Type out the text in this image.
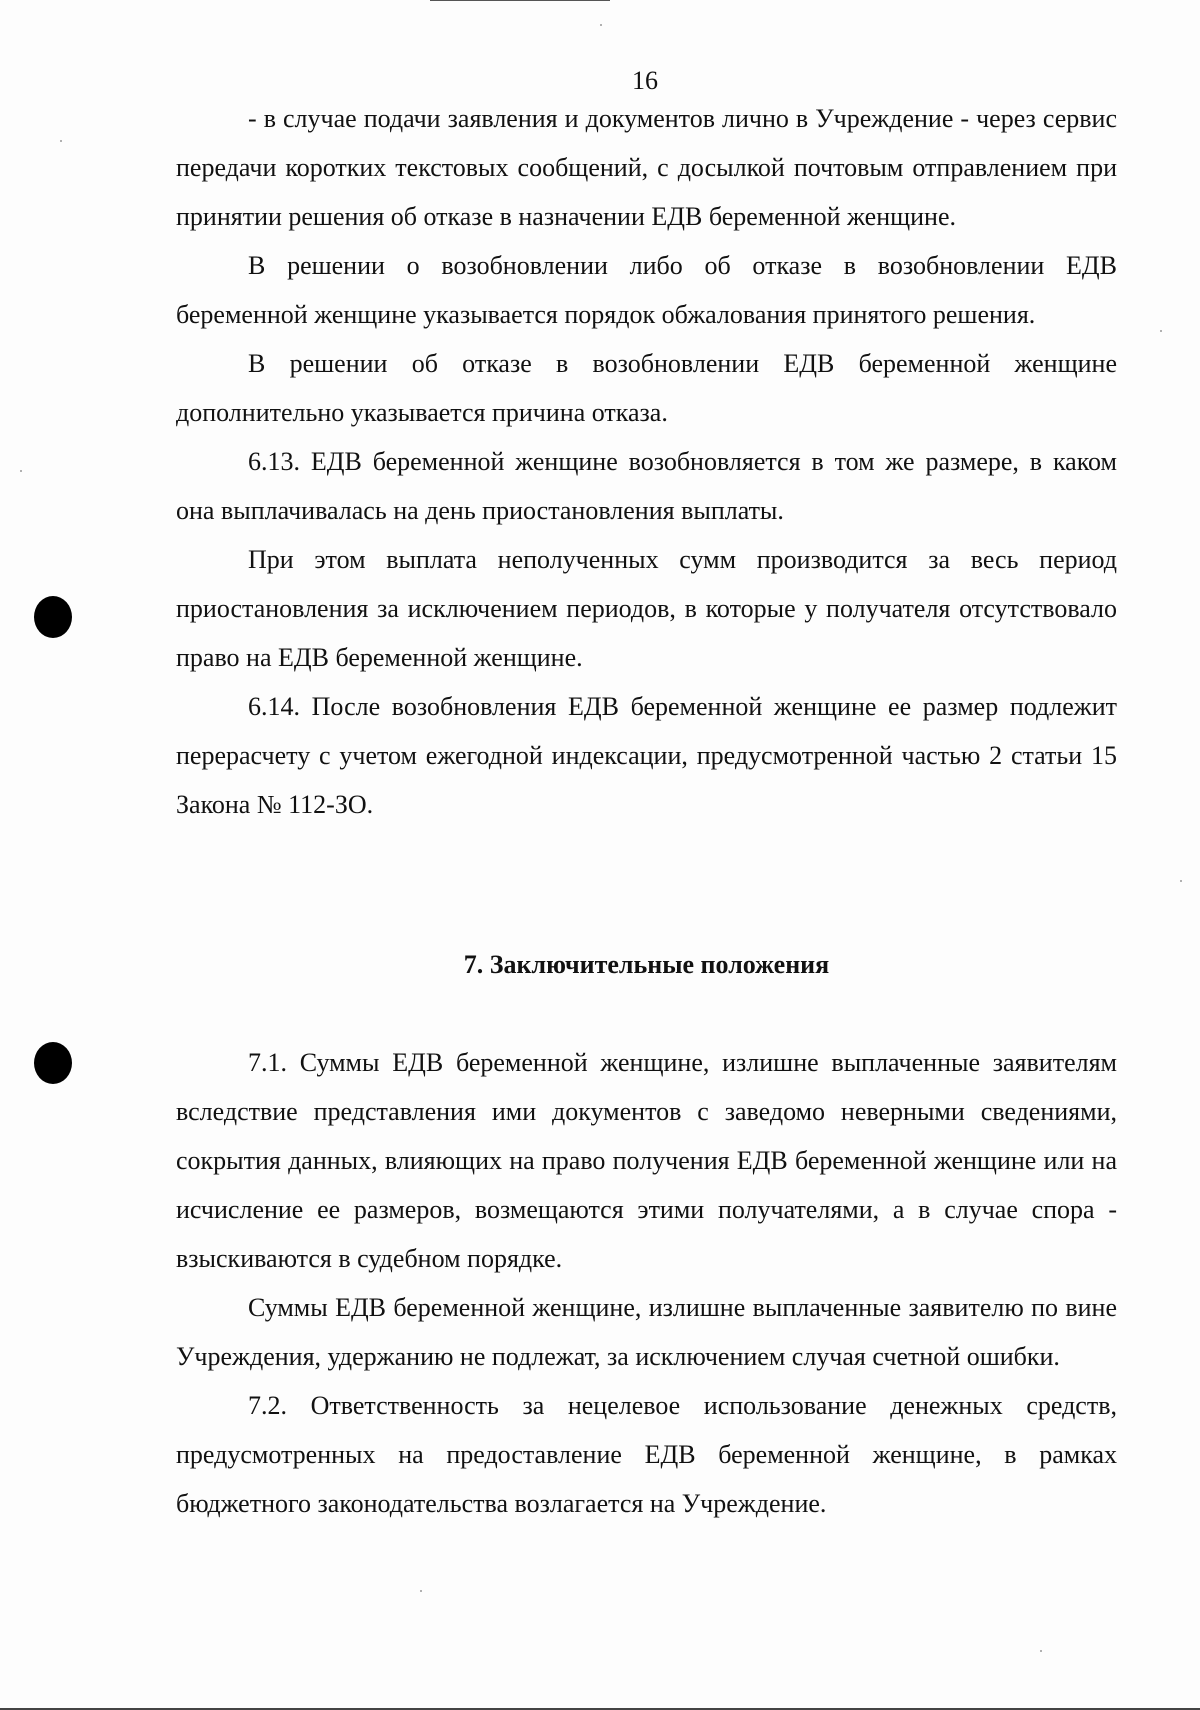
16

- в случае подачи заявления и документов лично в Учреждение - через сервис передачи коротких текстовых сообщений, с досылкой почтовым отправлением при принятии решения об отказе в назначении ЕДВ беременной женщине.

В решении о возобновлении либо об отказе в возобновлении ЕДВ беременной женщине указывается порядок обжалования принятого решения.

В решении об отказе в возобновлении ЕДВ беременной женщине дополнительно указывается причина отказа.

6.13. ЕДВ беременной женщине возобновляется в том же размере, в каком она выплачивалась на день приостановления выплаты.

При этом выплата неполученных сумм производится за весь период приостановления за исключением периодов, в которые у получателя отсутствовало право на ЕДВ беременной женщине.

6.14. После возобновления ЕДВ беременной женщине ее размер подлежит перерасчету с учетом ежегодной индексации, предусмотренной частью 2 статьи 15 Закона № 112-ЗО.

7. Заключительные положения

7.1. Суммы ЕДВ беременной женщине, излишне выплаченные заявителям вследствие представления ими документов с заведомо неверными сведениями, сокрытия данных, влияющих на право получения ЕДВ беременной женщине или на исчисление ее размеров, возмещаются этими получателями, а в случае спора - взыскиваются в судебном порядке.

Суммы ЕДВ беременной женщине, излишне выплаченные заявителю по вине Учреждения, удержанию не подлежат, за исключением случая счетной ошибки.

7.2. Ответственность за нецелевое использование денежных средств, предусмотренных на предоставление ЕДВ беременной женщине, в рамках бюджетного законодательства возлагается на Учреждение.
